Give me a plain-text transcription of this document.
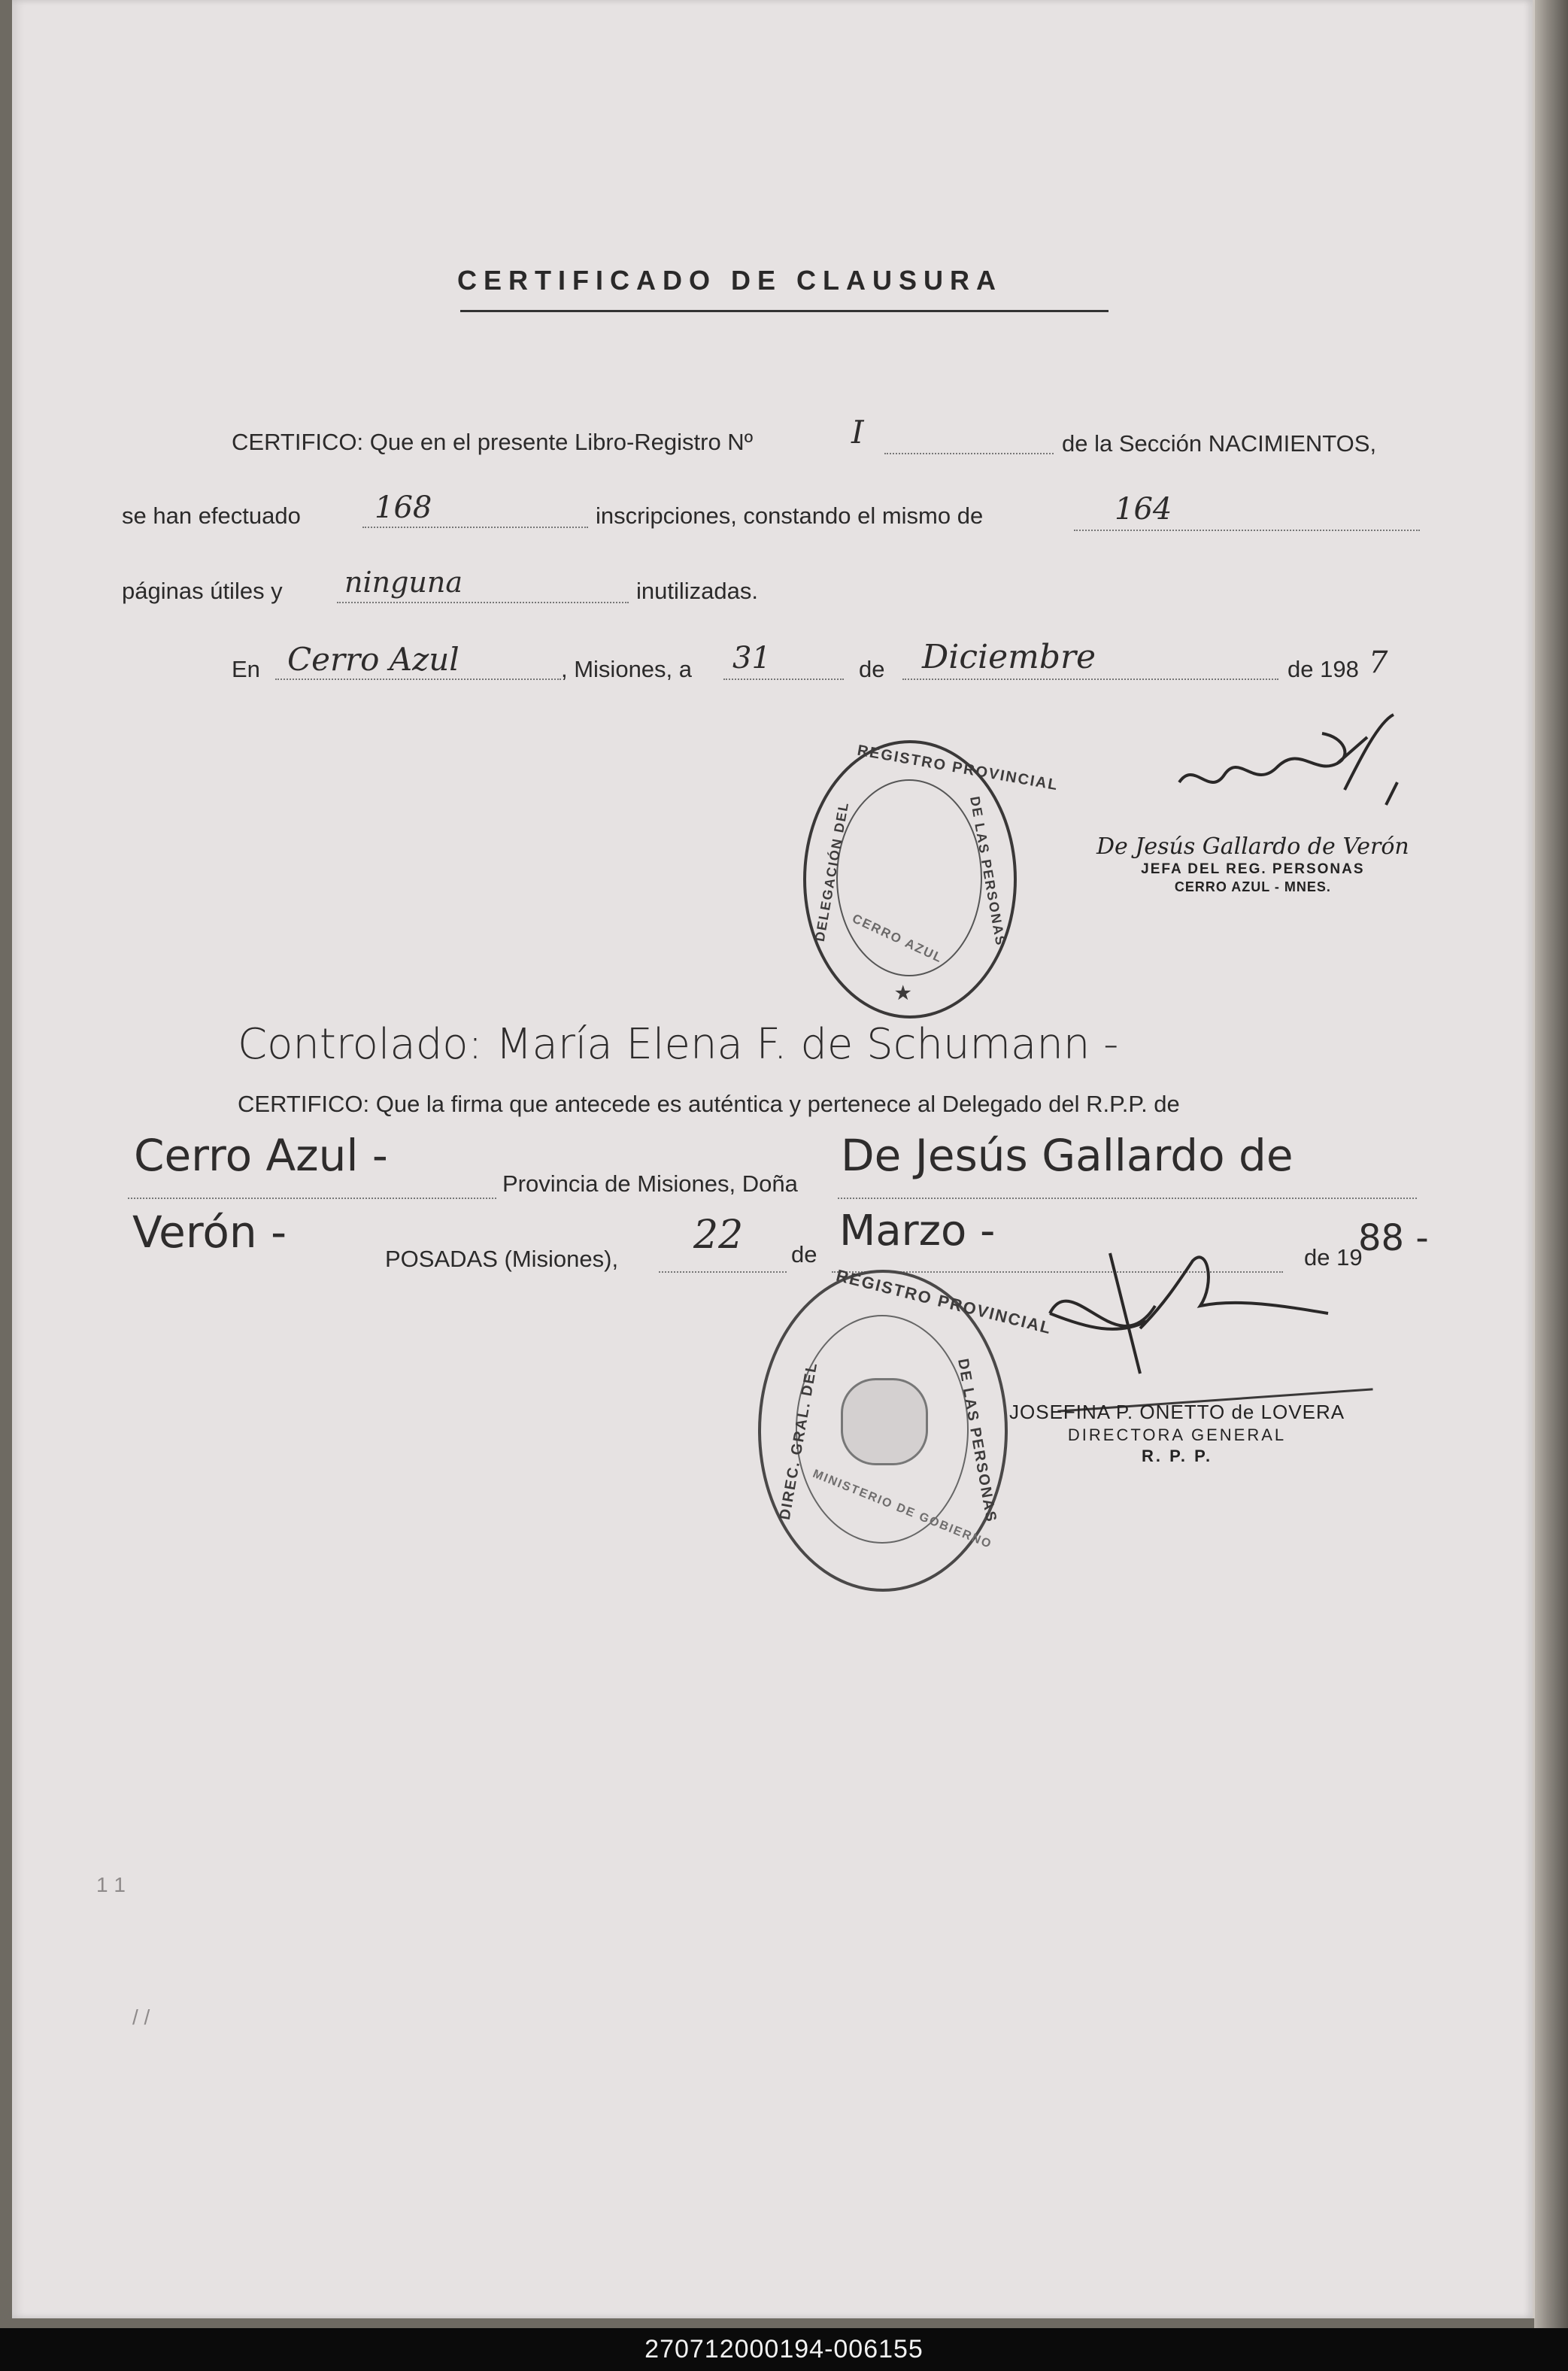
CERTIFICADO DE CLAUSURA
CERTIFICO: Que en el presente Libro-Registro Nº	I	de la Sección NACIMIENTOS,
se han efectuado 168	inscripciones, constando el mismo de	164
páginas útiles y ninguna	inutilizadas.
En Cerro Azul	, Misiones, a 31	de Diciembre	de 198 7
REGISTRO PROVINCIAL
DELEGACIÓN DEL	DE LAS PERSONAS
CERRO AZUL
★
De Jesús Gallardo de Verón
JEFA DEL REG. PERSONAS
CERRO AZUL - MNES.
Controlado: María Elena F. de Schumann -
CERTIFICO: Que la firma que antecede es auténtica y pertenece al Delegado del R.P.P. de
Cerro Azul -
Provincia de Misiones, Doña
De Jesús Gallardo de
Verón -
POSADAS (Misiones),
22 de Marzo -
de 19
88 -
REGISTRO PROVINCIAL
DIREC. GRAL. DEL	DE LAS PERSONAS
MINISTERIO DE GOBIERNO
JOSEFINA P. ONETTO de LOVERA
DIRECTORA GENERAL
R. P. P.
1 1
/ /
270712000194-006155
